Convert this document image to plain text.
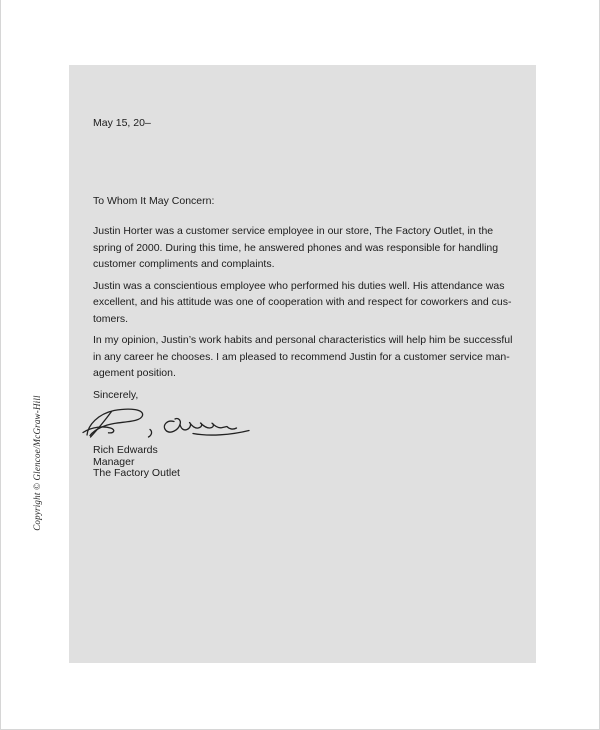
Copyright © Glencoe/McGraw-Hill
May 15, 20–
To Whom It May Concern:
Justin Horter was a customer service employee in our store, The Factory Outlet, in the
spring of 2000. During this time, he answered phones and was responsible for handling
customer compliments and complaints.
Justin was a conscientious employee who performed his duties well. His attendance was
excellent, and his attitude was one of cooperation with and respect for coworkers and cus-
tomers.
In my opinion, Justin’s work habits and personal characteristics will help him be successful
in any career he chooses. I am pleased to recommend Justin for a customer service man-
agement position.
Sincerely,
Rich Edwards
Manager
The Factory Outlet
